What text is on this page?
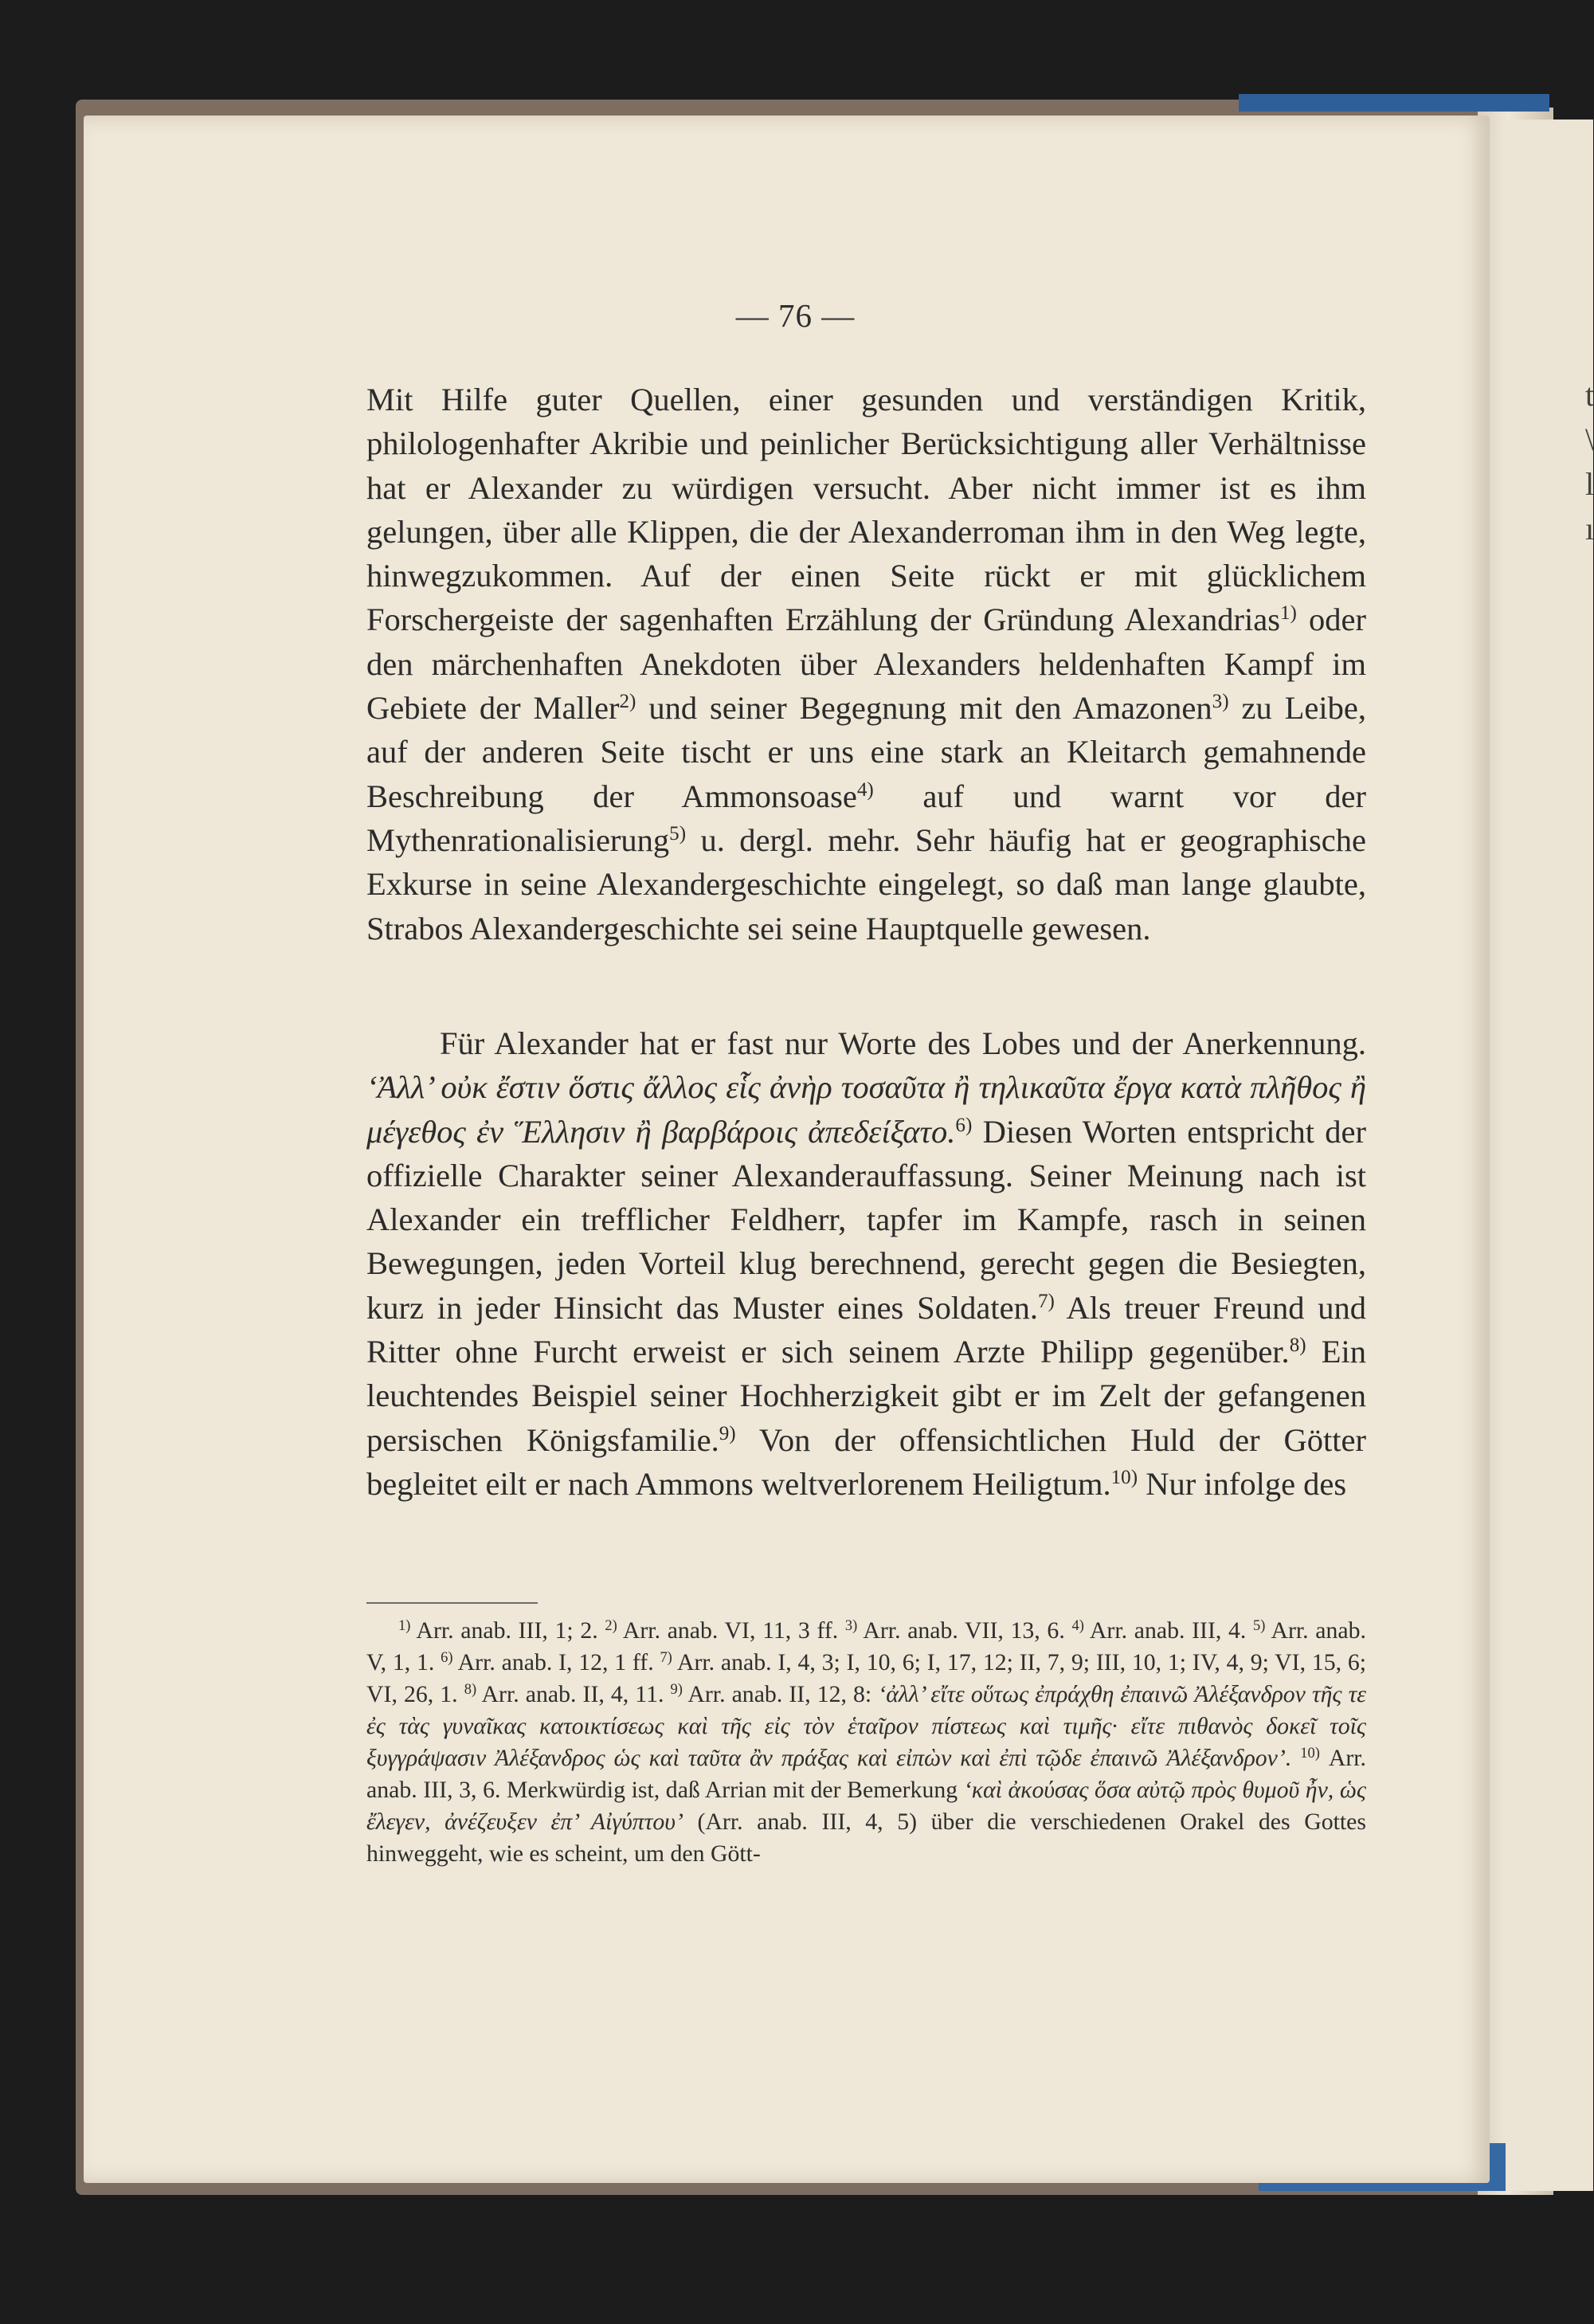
t
\
l
ı
— 76 —

Mit Hilfe guter Quellen, einer gesunden und verständigen Kritik, philologenhafter Akribie und peinlicher Berücksichtigung aller Verhältnisse hat er Alexander zu würdigen versucht. Aber nicht immer ist es ihm gelungen, über alle Klippen, die der Alexanderroman ihm in den Weg legte, hinwegzukommen. Auf der einen Seite rückt er mit glücklichem Forschergeiste der sagenhaften Erzählung der Gründung Alexandrias$^{1)}$ oder den märchenhaften Anekdoten über Alexanders heldenhaften Kampf im Gebiete der Maller$^{2)}$ und seiner Begegnung mit den Amazonen$^{3)}$ zu Leibe, auf der anderen Seite tischt er uns eine stark an Kleitarch gemahnende Beschreibung der Ammonsoase$^{4)}$ auf und warnt vor der Mythenrationalisierung$^{5)}$ u. dergl. mehr. Sehr häufig hat er geographische Exkurse in seine Alexandergeschichte eingelegt, so daß man lange glaubte, Strabos Alexandergeschichte sei seine Hauptquelle gewesen.

Für Alexander hat er fast nur Worte des Lobes und der Anerkennung. ‘Ἀλλ’ οὐκ ἔστιν ὅστις ἄλλος εἷς ἀνὴρ τοσαῦτα ἢ τηλικαῦτα ἔργα κατὰ πλῆθος ἢ μέγεθος ἐν Ἕλλησιν ἢ βαρβάροις ἀπεδείξατο.$^{6)}$ Diesen Worten entspricht der offizielle Charakter seiner Alexanderauffassung. Seiner Meinung nach ist Alexander ein trefflicher Feldherr, tapfer im Kampfe, rasch in seinen Bewegungen, jeden Vorteil klug berechnend, gerecht gegen die Besiegten, kurz in jeder Hinsicht das Muster eines Soldaten.$^{7)}$ Als treuer Freund und Ritter ohne Furcht erweist er sich seinem Arzte Philipp gegenüber.$^{8)}$ Ein leuchtendes Beispiel seiner Hochherzigkeit gibt er im Zelt der gefangenen persischen Königsfamilie.$^{9)}$ Von der offensichtlichen Huld der Götter begleitet eilt er nach Ammons weltverlorenem Heiligtum.$^{10)}$ Nur infolge des

$^{1)}$ Arr. anab. III, 1; 2. $^{2)}$ Arr. anab. VI, 11, 3 ff. $^{3)}$ Arr. anab. VII, 13, 6. $^{4)}$ Arr. anab. III, 4. $^{5)}$ Arr. anab. V, 1, 1. $^{6)}$ Arr. anab. I, 12, 1 ff. $^{7)}$ Arr. anab. I, 4, 3; I, 10, 6; I, 17, 12; II, 7, 9; III, 10, 1; IV, 4, 9; VI, 15, 6; VI, 26, 1. $^{8)}$ Arr. anab. II, 4, 11. $^{9)}$ Arr. anab. II, 12, 8: ‘ἀλλ’ εἴτε οὕτως ἐπράχθη ἐπαινῶ Ἀλέξανδρον τῆς τε ἐς τὰς γυναῖκας κατοικτίσεως καὶ τῆς εἰς τὸν ἑταῖρον πίστεως καὶ τιμῆς· εἴτε πιθανὸς δοκεῖ τοῖς ξυγγράψασιν Ἀλέξανδρος ὡς καὶ ταῦτα ἂν πράξας καὶ εἰπὼν καὶ ἐπὶ τῷδε ἐπαινῶ Ἀλέξανδρον’. $^{10)}$ Arr. anab. III, 3, 6. Merkwürdig ist, daß Arrian mit der Bemerkung ‘καὶ ἀκούσας ὅσα αὐτῷ πρὸς θυμοῦ ἦν, ὡς ἔλεγεν, ἀνέζευξεν ἐπ’ Αἰγύπτου’ (Arr. anab. III, 4, 5) über die verschiedenen Orakel des Gottes hinweggeht, wie es scheint, um den Gött-
